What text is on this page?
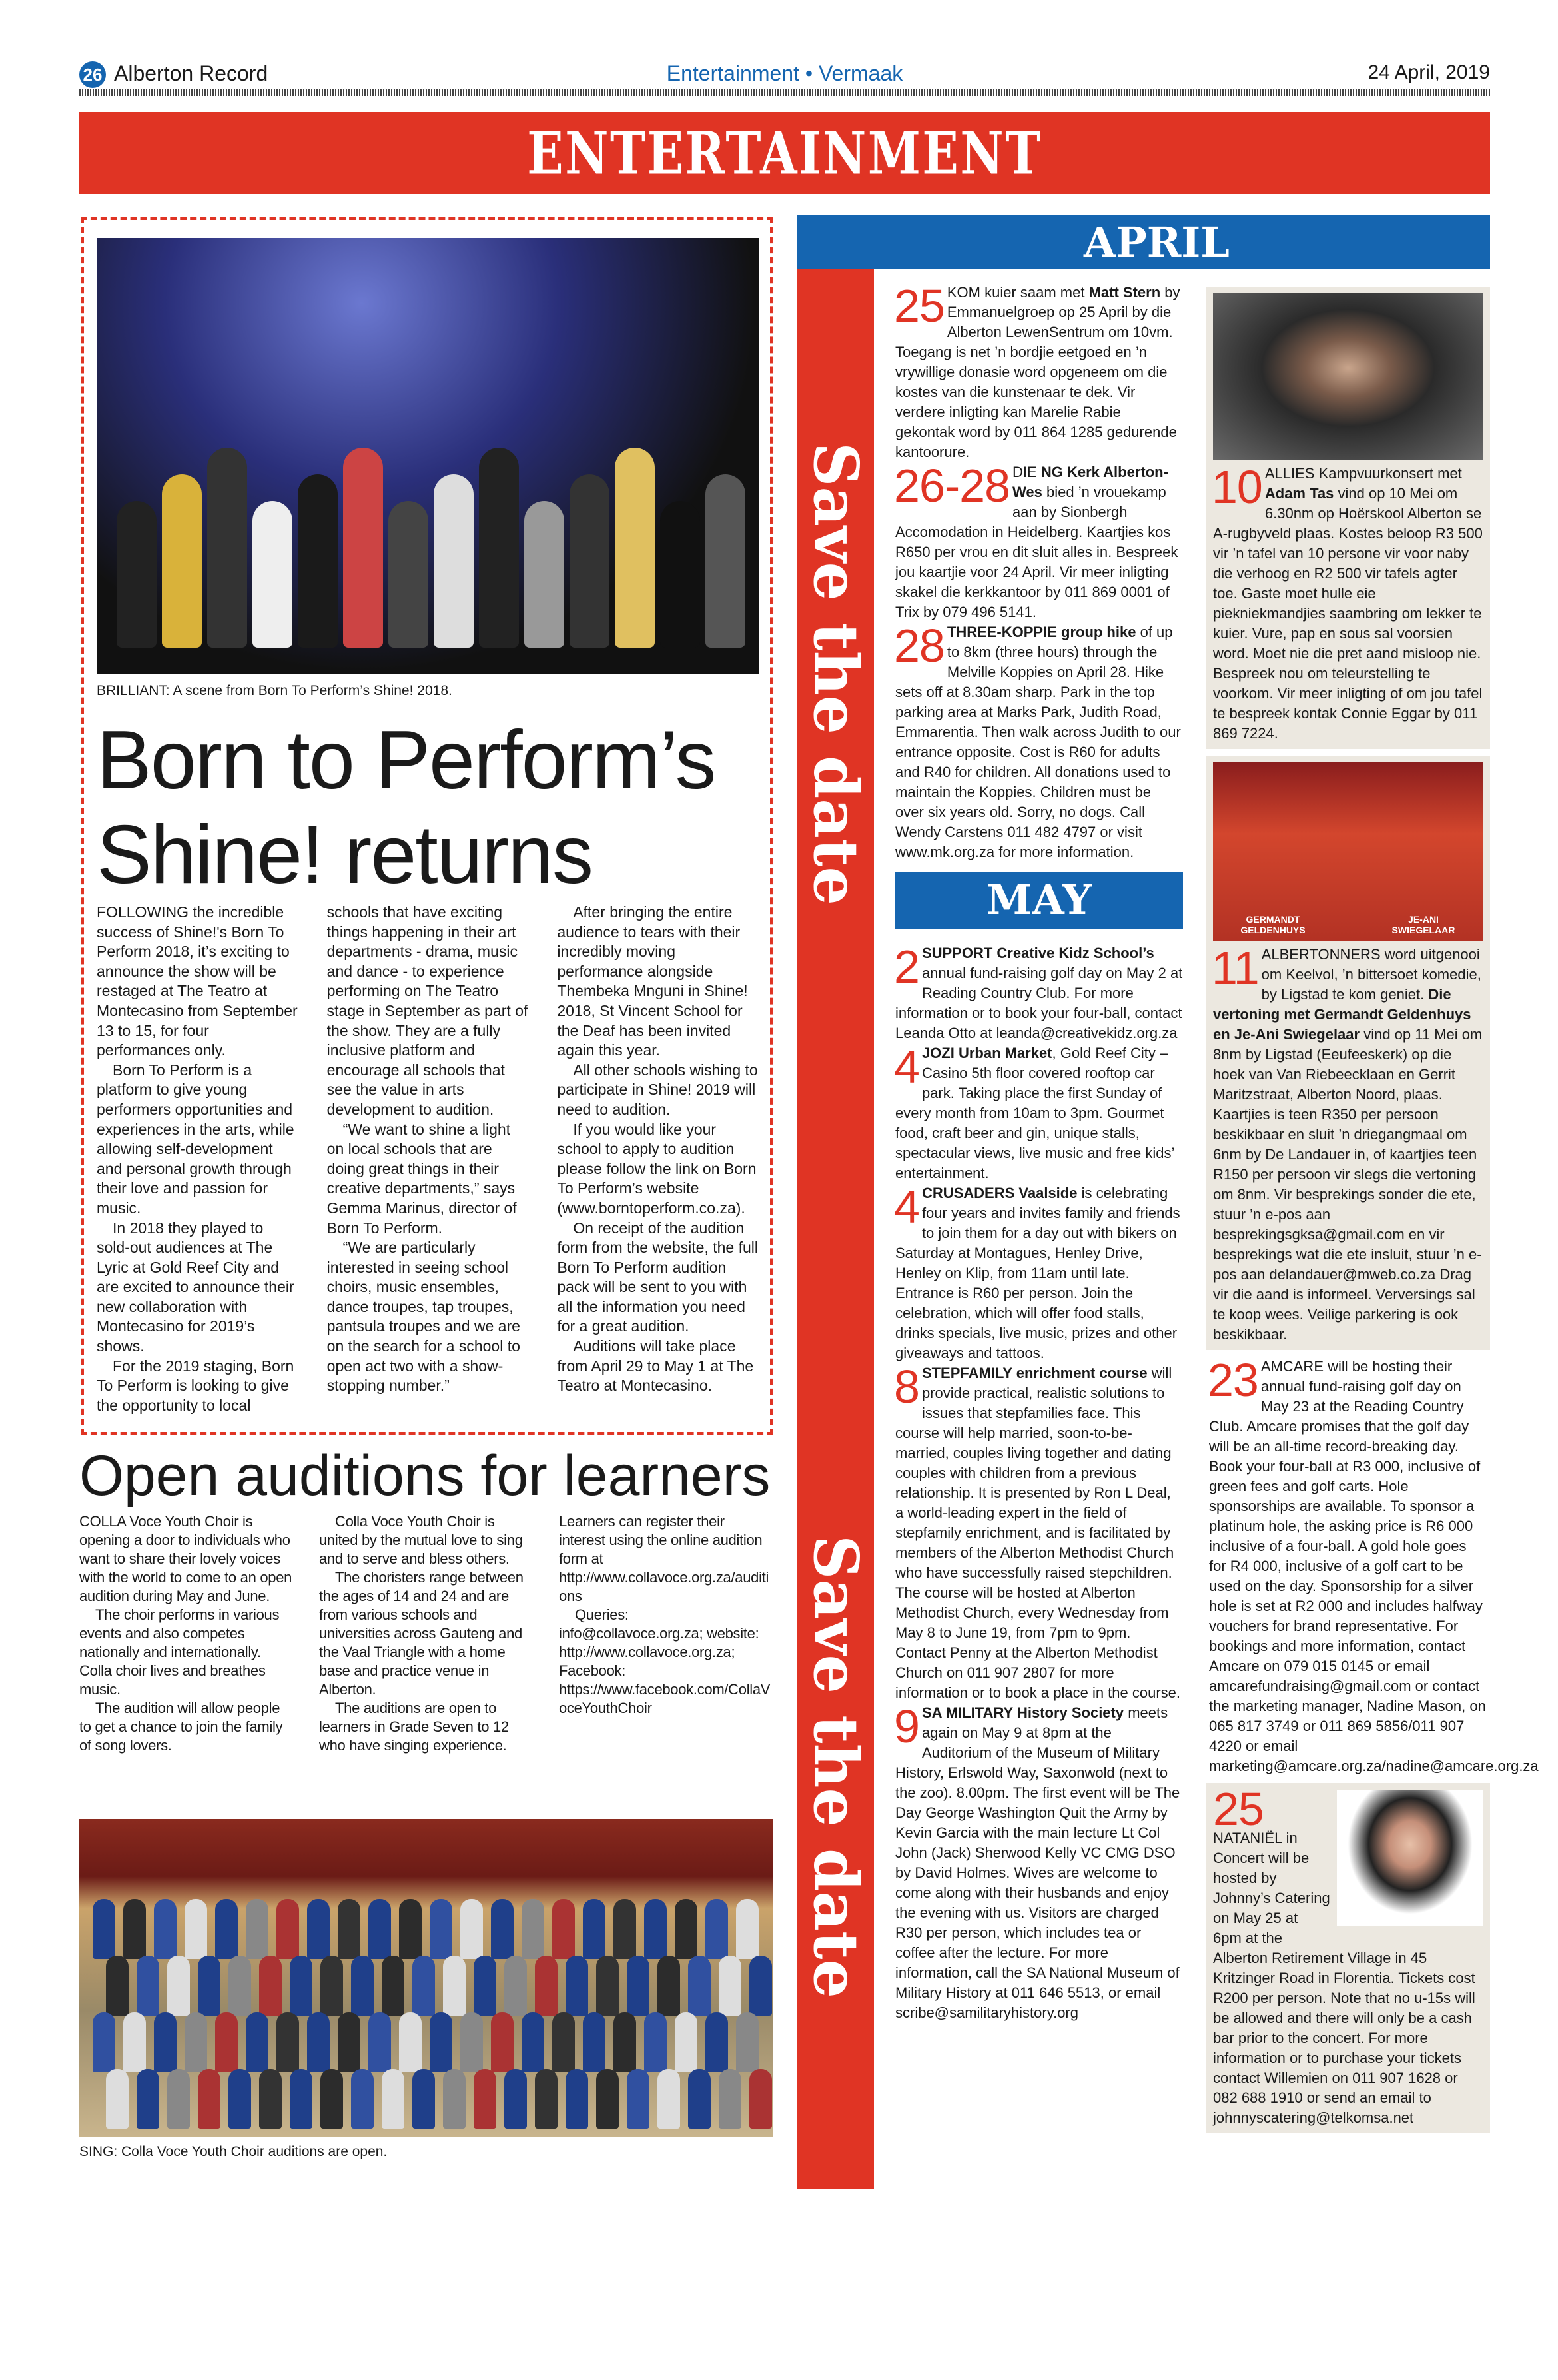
26 Alberton Record	Entertainment • Vermaak	24 April, 2019
ENTERTAINMENT
BRILLIANT: A scene from Born To Perform’s Shine! 2018.
Born to Perform’s Shine! returns

FOLLOWING the incredible success of Shine!'s Born To Perform 2018, it’s exciting to announce the show will be restaged at The Teatro at Montecasino from September 13 to 15, for four performances only.

Born To Perform is a platform to give young performers opportunities and experiences in the arts, while allowing self-development and personal growth through their love and passion for music.

In 2018 they played to sold-out audiences at The Lyric at Gold Reef City and are excited to announce their new collaboration with Montecasino for 2019’s shows.

For the 2019 staging, Born To Perform is looking to give the opportunity to local schools that have exciting things happening in their art departments - drama, music and dance - to experience performing on The Teatro stage in September as part of the show. They are a fully inclusive platform and encourage all schools that see the value in arts development to audition.

“We want to shine a light on local schools that are doing great things in their creative departments,” says Gemma Marinus, director of Born To Perform.

“We are particularly interested in seeing school choirs, music ensembles, dance troupes, tap troupes, pantsula troupes and we are on the search for a school to open act two with a show-stopping number.”

After bringing the entire audience to tears with their incredibly moving performance alongside Thembeka Mnguni in Shine! 2018, St Vincent School for the Deaf has been invited again this year.

All other schools wishing to participate in Shine! 2019 will need to audition.

If you would like your school to apply to audition please follow the link on Born To Perform’s website (www.borntoperform.co.za).

On receipt of the audition form from the website, the full Born To Perform audition pack will be sent to you with all the information you need for a great audition.

Auditions will take place from April 29 to May 1 at The Teatro at Montecasino.

Open auditions for learners

COLLA Voce Youth Choir is opening a door to individuals who want to share their lovely voices with the world to come to an open audition during May and June.

The choir performs in various events and also competes nationally and internationally. Colla choir lives and breathes music.

The audition will allow people to get a chance to join the family of song lovers.

Colla Voce Youth Choir is united by the mutual love to sing and to serve and bless others.

The choristers range between the ages of 14 and 24 and are from various schools and universities across Gauteng and the Vaal Triangle with a home base and practice venue in Alberton.

The auditions are open to learners in Grade Seven to 12 who have singing experience. Learners can register their interest using the online audition form at http://www.collavoce.org.za/auditions

Queries: info@collavoce.org.za; website: http://www.collavoce.org.za; Facebook: https://www.facebook.com/CollaVoceYouthChoir

SING: Colla Voce Youth Choir auditions are open.
APRIL
Save the date
Save the date
25 KOM kuier saam met Matt Stern by Emmanuelgroep op 25 April by die Alberton LewenSentrum om 10vm. Toegang is net ’n bordjie eetgoed en ’n vrywillige donasie word opgeneem om die kostes van die kunstenaar te dek. Vir verdere inligting kan Marelie Rabie gekontak word by 011 864 1285 gedurende kantoorure.
26-28 DIE NG Kerk Alberton-Wes bied ’n vrouekamp aan by Sionbergh Accomodation in Heidelberg. Kaartjies kos R650 per vrou en dit sluit alles in. Bespreek jou kaartjie voor 24 April. Vir meer inligting skakel die kerkkantoor by 011 869 0001 of Trix by 079 496 5141.
28 THREE-KOPPIE group hike of up to 8km (three hours) through the Melville Koppies on April 28. Hike sets off at 8.30am sharp. Park in the top parking area at Marks Park, Judith Road, Emmarentia. Then walk across Judith to our entrance opposite. Cost is R60 for adults and R40 for children. All donations used to maintain the Koppies. Children must be over six years old. Sorry, no dogs. Call Wendy Carstens 011 482 4797 or visit www.mk.org.za for more information.
MAY
2 SUPPORT Creative Kidz School’s annual fund-raising golf day on May 2 at Reading Country Club. For more information or to book your four-ball, contact Leanda Otto at leanda@creativekidz.org.za
4 JOZI Urban Market, Gold Reef City – Casino 5th floor covered rooftop car park. Taking place the first Sunday of every month from 10am to 3pm. Gourmet food, craft beer and gin, unique stalls, spectacular views, live music and free kids’ entertainment.
4 CRUSADERS Vaalside is celebrating four years and invites family and friends to join them for a day out with bikers on Saturday at Montagues, Henley Drive, Henley on Klip, from 11am until late. Entrance is R60 per person. Join the celebration, which will offer food stalls, drinks specials, live music, prizes and other giveaways and tattoos.
8 STEPFAMILY enrichment course will provide practical, realistic solutions to issues that stepfamilies face. This course will help married, soon-to-be-married, couples living together and dating couples with children from a previous relationship. It is presented by Ron L Deal, a world-leading expert in the field of stepfamily enrichment, and is facilitated by members of the Alberton Methodist Church who have successfully raised stepchildren. The course will be hosted at Alberton Methodist Church, every Wednesday from May 8 to June 19, from 7pm to 9pm. Contact Penny at the Alberton Methodist Church on 011 907 2807 for more information or to book a place in the course.
9 SA MILITARY History Society meets again on May 9 at 8pm at the Auditorium of the Museum of Military History, Erlswold Way, Saxonwold (next to the zoo). 8.00pm. The first event will be The Day George Washington Quit the Army by Kevin Garcia with the main lecture Lt Col John (Jack) Sherwood Kelly VC CMG DSO by David Holmes. Wives are welcome to come along with their husbands and enjoy the evening with us. Visitors are charged R30 per person, which includes tea or coffee after the lecture. For more information, call the SA National Museum of Military History at 011 646 5513, or email scribe@samilitaryhistory.org
10 ALLIES Kampvuurkonsert met Adam Tas vind op 10 Mei om 6.30nm op Hoërskool Alberton se A-rugbyveld plaas. Kostes beloop R3 500 vir ’n tafel van 10 persone vir voor naby die verhoog en R2 500 vir tafels agter toe. Gaste moet hulle eie piekniekmandjies saambring om lekker te kuier. Vure, pap en sous sal voorsien word. Moet nie die pret aand misloop nie. Bespreek nou om teleurstelling te voorkom. Vir meer inligting of om jou tafel te bespreek kontak Connie Eggar by 011 869 7224.
GERMANDT GELDENHUYS
JE-ANI SWIEGELAAR
11 ALBERTONNERS word uitgenooi om Keelvol, ’n bittersoet komedie, by Ligstad te kom geniet. Die vertoning met Germandt Geldenhuys en Je-Ani Swiegelaar vind op 11 Mei om 8nm by Ligstad (Eeufeeskerk) op die hoek van Van Riebeecklaan en Gerrit Maritzstraat, Alberton Noord, plaas. Kaartjies is teen R350 per persoon beskikbaar en sluit ’n driegangmaal om 6nm by De Landauer in, of kaartjies teen R150 per persoon vir slegs die vertoning om 8nm. Vir besprekings sonder die ete, stuur ’n e-pos aan besprekingsgksa@gmail.com en vir besprekings wat die ete insluit, stuur ’n e-pos aan delandauer@mweb.co.za Drag vir die aand is informeel. Verversings sal te koop wees. Veilige parkering is ook beskikbaar.
23 AMCARE will be hosting their annual fund-raising golf day on May 23 at the Reading Country Club. Amcare promises that the golf day will be an all-time record-breaking day. Book your four-ball at R3 000, inclusive of green fees and golf carts. Hole sponsorships are available. To sponsor a platinum hole, the asking price is R6 000 inclusive of a four-ball. A gold hole goes for R4 000, inclusive of a golf cart to be used on the day. Sponsorship for a silver hole is set at R2 000 and includes halfway vouchers for brand representative. For bookings and more information, contact Amcare on 079 015 0145 or email amcarefundraising@gmail.com or contact the marketing manager, Nadine Mason, on 065 817 3749 or 011 869 5856/011 907 4220 or email marketing@amcare.org.za/nadine@amcare.org.za
25
NATANIËL in Concert will be hosted by Johnny’s Catering on May 25 at 6pm at the Alberton Retirement Village in 45 Kritzinger Road in Florentia. Tickets cost R200 per person. Note that no u-15s will be allowed and there will only be a cash bar prior to the concert. For more information or to purchase your tickets contact Willemien on 011 907 1628 or 082 688 1910 or send an email to johnnyscatering@telkomsa.net
